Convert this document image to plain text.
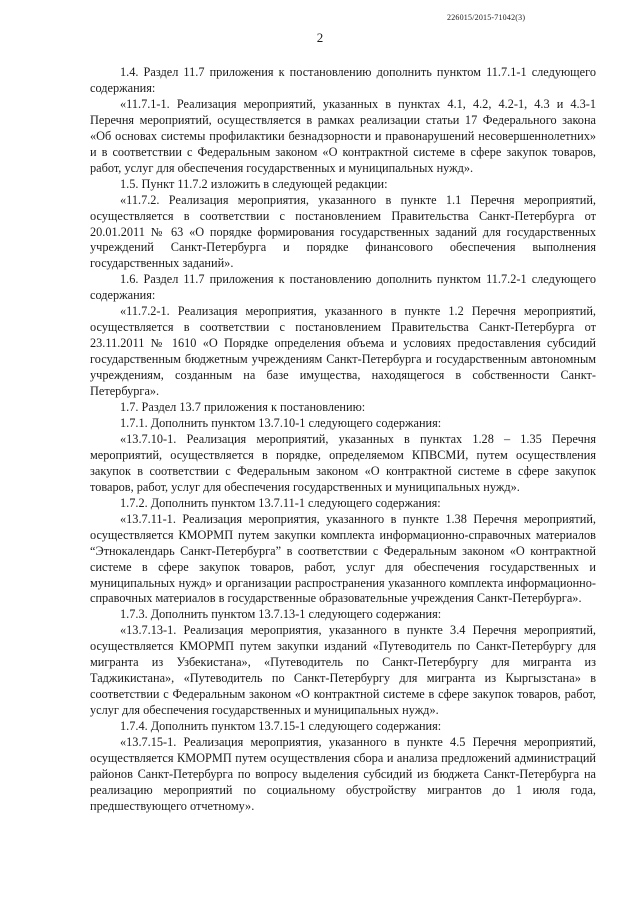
226015/2015-71042(3)
2

1.4. Раздел 11.7 приложения к постановлению дополнить пунктом 11.7.1-1 следующего содержания:

«11.7.1-1. Реализация мероприятий, указанных в пунктах 4.1, 4.2, 4.2-1, 4.3 и 4.3-1 Перечня мероприятий, осуществляется в рамках реализации статьи 17 Федерального закона «Об основах системы профилактики безнадзорности и правонарушений несовершеннолетних» и в соответствии с Федеральным законом «О контрактной системе в сфере закупок товаров, работ, услуг для обеспечения государственных и муниципальных нужд».

1.5. Пункт 11.7.2 изложить в следующей редакции:

«11.7.2. Реализация мероприятия, указанного в пункте 1.1 Перечня мероприятий, осуществляется в соответствии с постановлением Правительства Санкт-Петербурга от 20.01.2011 № 63 «О порядке формирования государственных заданий для государственных учреждений Санкт-Петербурга и порядке финансового обеспечения выполнения государственных заданий».

1.6. Раздел 11.7 приложения к постановлению дополнить пунктом 11.7.2-1 следующего содержания:

«11.7.2-1. Реализация мероприятия, указанного в пункте 1.2 Перечня мероприятий, осуществляется в соответствии с постановлением Правительства Санкт-Петербурга от 23.11.2011 № 1610 «О Порядке определения объема и условиях предоставления субсидий государственным бюджетным учреждениям Санкт-Петербурга и государственным автономным учреждениям, созданным на базе имущества, находящегося в собственности Санкт-Петербурга».

1.7. Раздел 13.7 приложения к постановлению:

1.7.1. Дополнить пунктом 13.7.10-1 следующего содержания:

«13.7.10-1. Реализация мероприятий, указанных в пунктах 1.28 – 1.35 Перечня мероприятий, осуществляется в порядке, определяемом КПВСМИ, путем осуществления закупок в соответствии с Федеральным законом «О контрактной системе в сфере закупок товаров, работ, услуг для обеспечения государственных и муниципальных нужд».

1.7.2. Дополнить пунктом 13.7.11-1 следующего содержания:

«13.7.11-1. Реализация мероприятия, указанного в пункте 1.38 Перечня мероприятий, осуществляется КМОРМП путем закупки комплекта информационно-справочных материалов “Этнокалендарь Санкт-Петербурга” в соответствии с Федеральным законом «О контрактной системе в сфере закупок товаров, работ, услуг для обеспечения государственных и муниципальных нужд» и организации распространения указанного комплекта информационно-справочных материалов в государственные образовательные учреждения Санкт-Петербурга».

1.7.3. Дополнить пунктом 13.7.13-1 следующего содержания:

«13.7.13-1. Реализация мероприятия, указанного в пункте 3.4 Перечня мероприятий, осуществляется КМОРМП путем закупки изданий «Путеводитель по Санкт-Петербургу для мигранта из Узбекистана», «Путеводитель по Санкт-Петербургу для мигранта из Таджикистана», «Путеводитель по Санкт-Петербургу для мигранта из Кыргызстана» в соответствии с Федеральным законом «О контрактной системе в сфере закупок товаров, работ, услуг для обеспечения государственных и муниципальных нужд».

1.7.4. Дополнить пунктом 13.7.15-1 следующего содержания:

«13.7.15-1. Реализация мероприятия, указанного в пункте 4.5 Перечня мероприятий, осуществляется КМОРМП путем осуществления сбора и анализа предложений администраций районов Санкт-Петербурга по вопросу выделения субсидий из бюджета Санкт-Петербурга на реализацию мероприятий по социальному обустройству мигрантов до 1 июля года, предшествующего отчетному».
